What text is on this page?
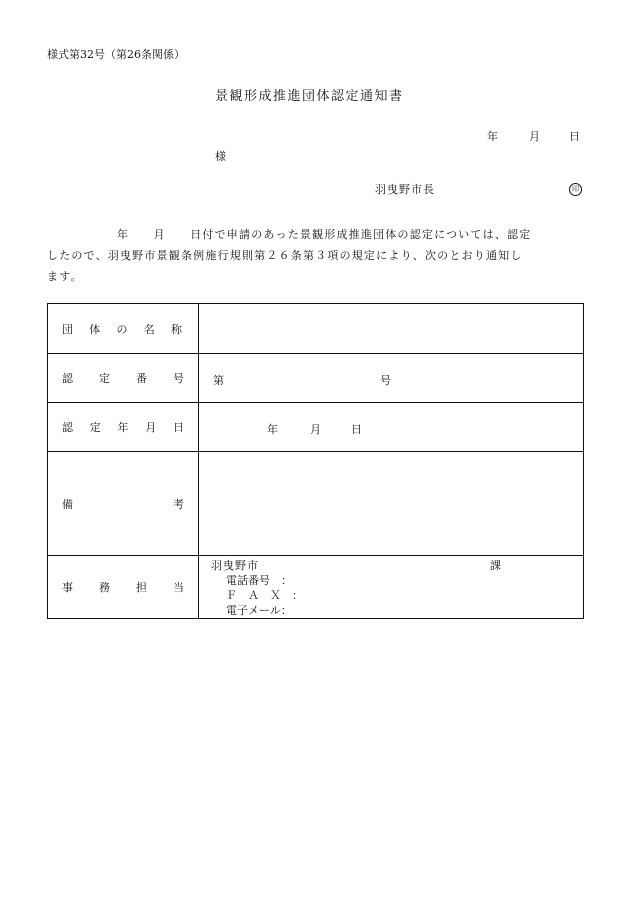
様式第32号（第26条関係）
景観形成推進団体認定通知書
年	月	日
様
羽曳野市長	印
年　　月　　日付で申請のあった景観形成推進団体の認定については、認定
したので、羽曳野市景観条例施行規則第２６条第３項の規定により、次のとおり通知し
ます。
団 体 の 名 称	

認 定 番 号	第 号

認 定 年 月 日	年 月 日

備 考	

事 務 担 当	羽曳野市 課
電話番号　：
Ｆ　Ａ　Ｘ　：
電子メール：
